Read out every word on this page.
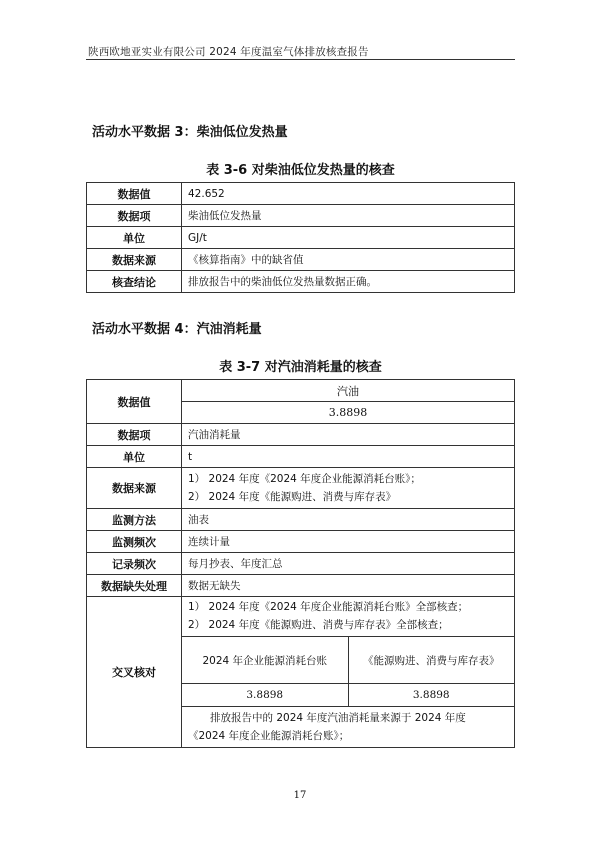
陕西欧地亚实业有限公司 2024 年度温室气体排放核查报告
活动水平数据 3：柴油低位发热量
表 3-6 对柴油低位发热量的核查
数据值	42.652
数据项	柴油低位发热量
单位	GJ/t
数据来源	《核算指南》中的缺省值
核查结论	排放报告中的柴油低位发热量数据正确。
活动水平数据 4：汽油消耗量
表 3-7 对汽油消耗量的核查
数据值	汽油
3.8898
数据项	汽油消耗量
单位	t
数据来源	
1） 2024 年度《2024 年度企业能源消耗台账》；
2） 2024 年度《能源购进、消费与库存表》

监测方法	油表
监测频次	连续计量
记录频次	每月抄表、年度汇总
数据缺失处理	数据无缺失
交叉核对	
1） 2024 年度《2024 年度企业能源消耗台账》全部核查；
2） 2024 年度《能源购进、消费与库存表》全部核查；
2024 年企业能源消耗台账	《能源购进、消费与库存表》
3.8898	3.8898
排放报告中的 2024 年度汽油消耗量来源于 2024 年度
《2024 年度企业能源消耗台账》；
17
